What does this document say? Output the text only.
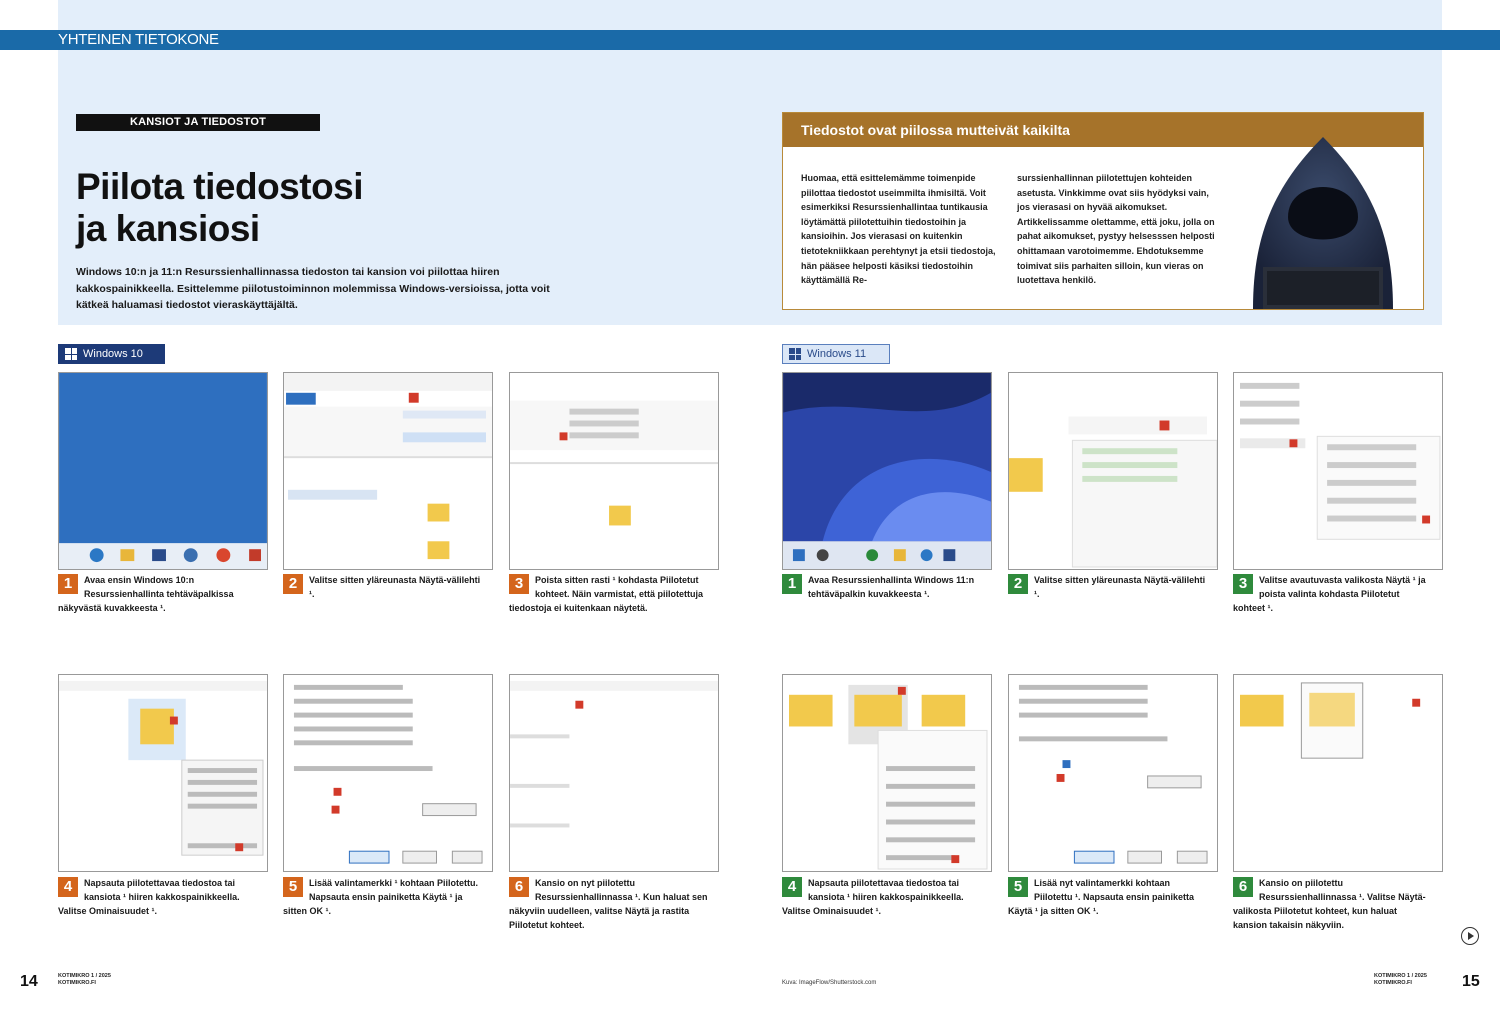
YHTEINEN TIETOKONE
KANSIOT JA TIEDOSTOT
Piilota tiedostosi
ja kansiosi
Windows 10:n ja 11:n Resurssienhallinnassa tiedoston tai kansion voi piilottaa hiiren kakkospainikkeella. Esittelemme piilotustoiminnon molemmissa Windows-versioissa, jotta voit kätkeä haluamasi tiedostot vieraskäyttäjältä.
Tiedostot ovat piilossa mutteivät kaikilta
Huomaa, että esittelemämme toimenpide piilottaa tiedostot useimmilta ihmisiltä. Voit esimerkiksi Resurssienhallintaa tuntikausia löytämättä piilotettuihin tiedostoihin ja kansioihin. Jos vierasasi on kuitenkin tietotekniikkaan perehtynyt ja etsii tiedostoja, hän pääsee helposti käsiksi tiedostoihin käyttämällä Re-
surssienhallinnan piilotettujen kohteiden asetusta. Vinkkimme ovat siis hyödyksi vain, jos vierasasi on hyvää aikomukset. Artikkelissamme olettamme, että joku, jolla on pahat aikomukset, pystyy helsesssen helposti ohittamaan varotoimemme. Ehdotuksemme toimivat siis parhaiten silloin, kun vieras on luotettava henkilö.
Windows 10	Windows 11
1	Avaa ensin Windows 10:n Resurssienhallinta tehtäväpalkissa näkyvästä kuvakkeesta ¹.
2	Valitse sitten yläreunasta Näytä-välilehti ¹.
3	Poista sitten rasti ¹ kohdasta Piilotetut kohteet. Näin varmistat, että piilotettuja tiedostoja ei kuitenkaan näytetä.
1	Avaa Resurssienhallinta Windows 11:n tehtäväpalkin kuvakkeesta ¹.
2	Valitse sitten yläreunasta Näytä-välilehti ¹.
3	Valitse avautuvasta valikosta Näytä ¹ ja poista valinta kohdasta Piilotetut kohteet ¹.
4	Napsauta piilotettavaa tiedostoa tai kansiota ¹ hiiren kakkospainikkeella. Valitse Ominaisuudet ¹.
5	Lisää valintamerkki ¹ kohtaan Piilotettu. Napsauta ensin painiketta Käytä ¹ ja sitten OK ¹.
6	Kansio on nyt piilotettu Resurssienhallinnassa ¹. Kun haluat sen näkyviin uudelleen, valitse Näytä ja rastita Piilotetut kohteet.
4	Napsauta piilotettavaa tiedostoa tai kansiota ¹ hiiren kakkospainikkeella. Valitse Ominaisuudet ¹.
5	Lisää nyt valintamerkki kohtaan Piilotettu ¹. Napsauta ensin painiketta Käytä ¹ ja sitten OK ¹.
6	Kansio on piilotettu Resurssienhallinnassa ¹. Valitse Näytä-valikosta Piilotetut kohteet, kun haluat kansion takaisin näkyviin.
14	KOTIMIKRO 1 / 2025 KOTIMIKRO.FI	Kuva: ImageFlow/Shutterstock.com
KOTIMIKRO 1 / 2025 KOTIMIKRO.FI	15
